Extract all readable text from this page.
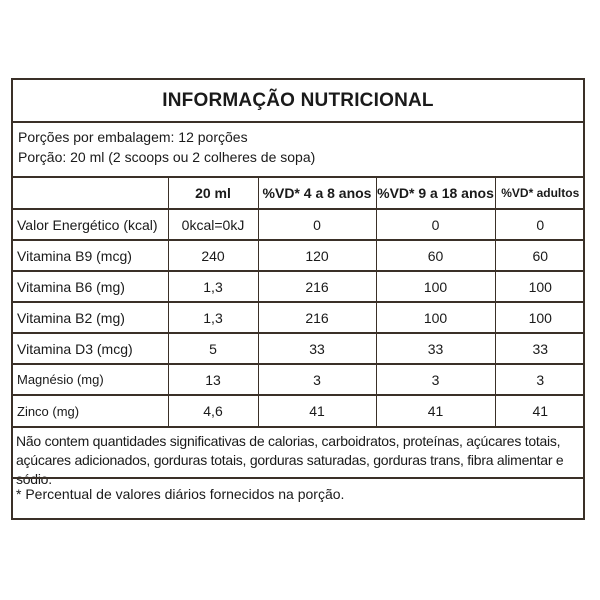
INFORMAÇÃO NUTRICIONAL
Porções por embalagem: 12 porções
Porção: 20 ml (2 scoops ou 2 colheres de sopa)
	20 ml	%VD* 4 a 8 anos	%VD* 9 a 18 anos	%VD* adultos
Valor Energético (kcal)	0kcal=0kJ	0	0	0
Vitamina B9 (mcg)	240	120	60	60
Vitamina B6 (mg)	1,3	216	100	100
Vitamina B2 (mg)	1,3	216	100	100
Vitamina D3 (mcg)	5	33	33	33
Magnésio (mg)	13	3	3	3
Zinco (mg)	4,6	41	41	41
Não contem quantidades significativas de calorias, carboidratos, proteínas, açúcares totais,
açúcares adicionados, gorduras totais, gorduras saturadas, gorduras trans, fibra alimentar e sódio.
* Percentual de valores diários fornecidos na porção.
